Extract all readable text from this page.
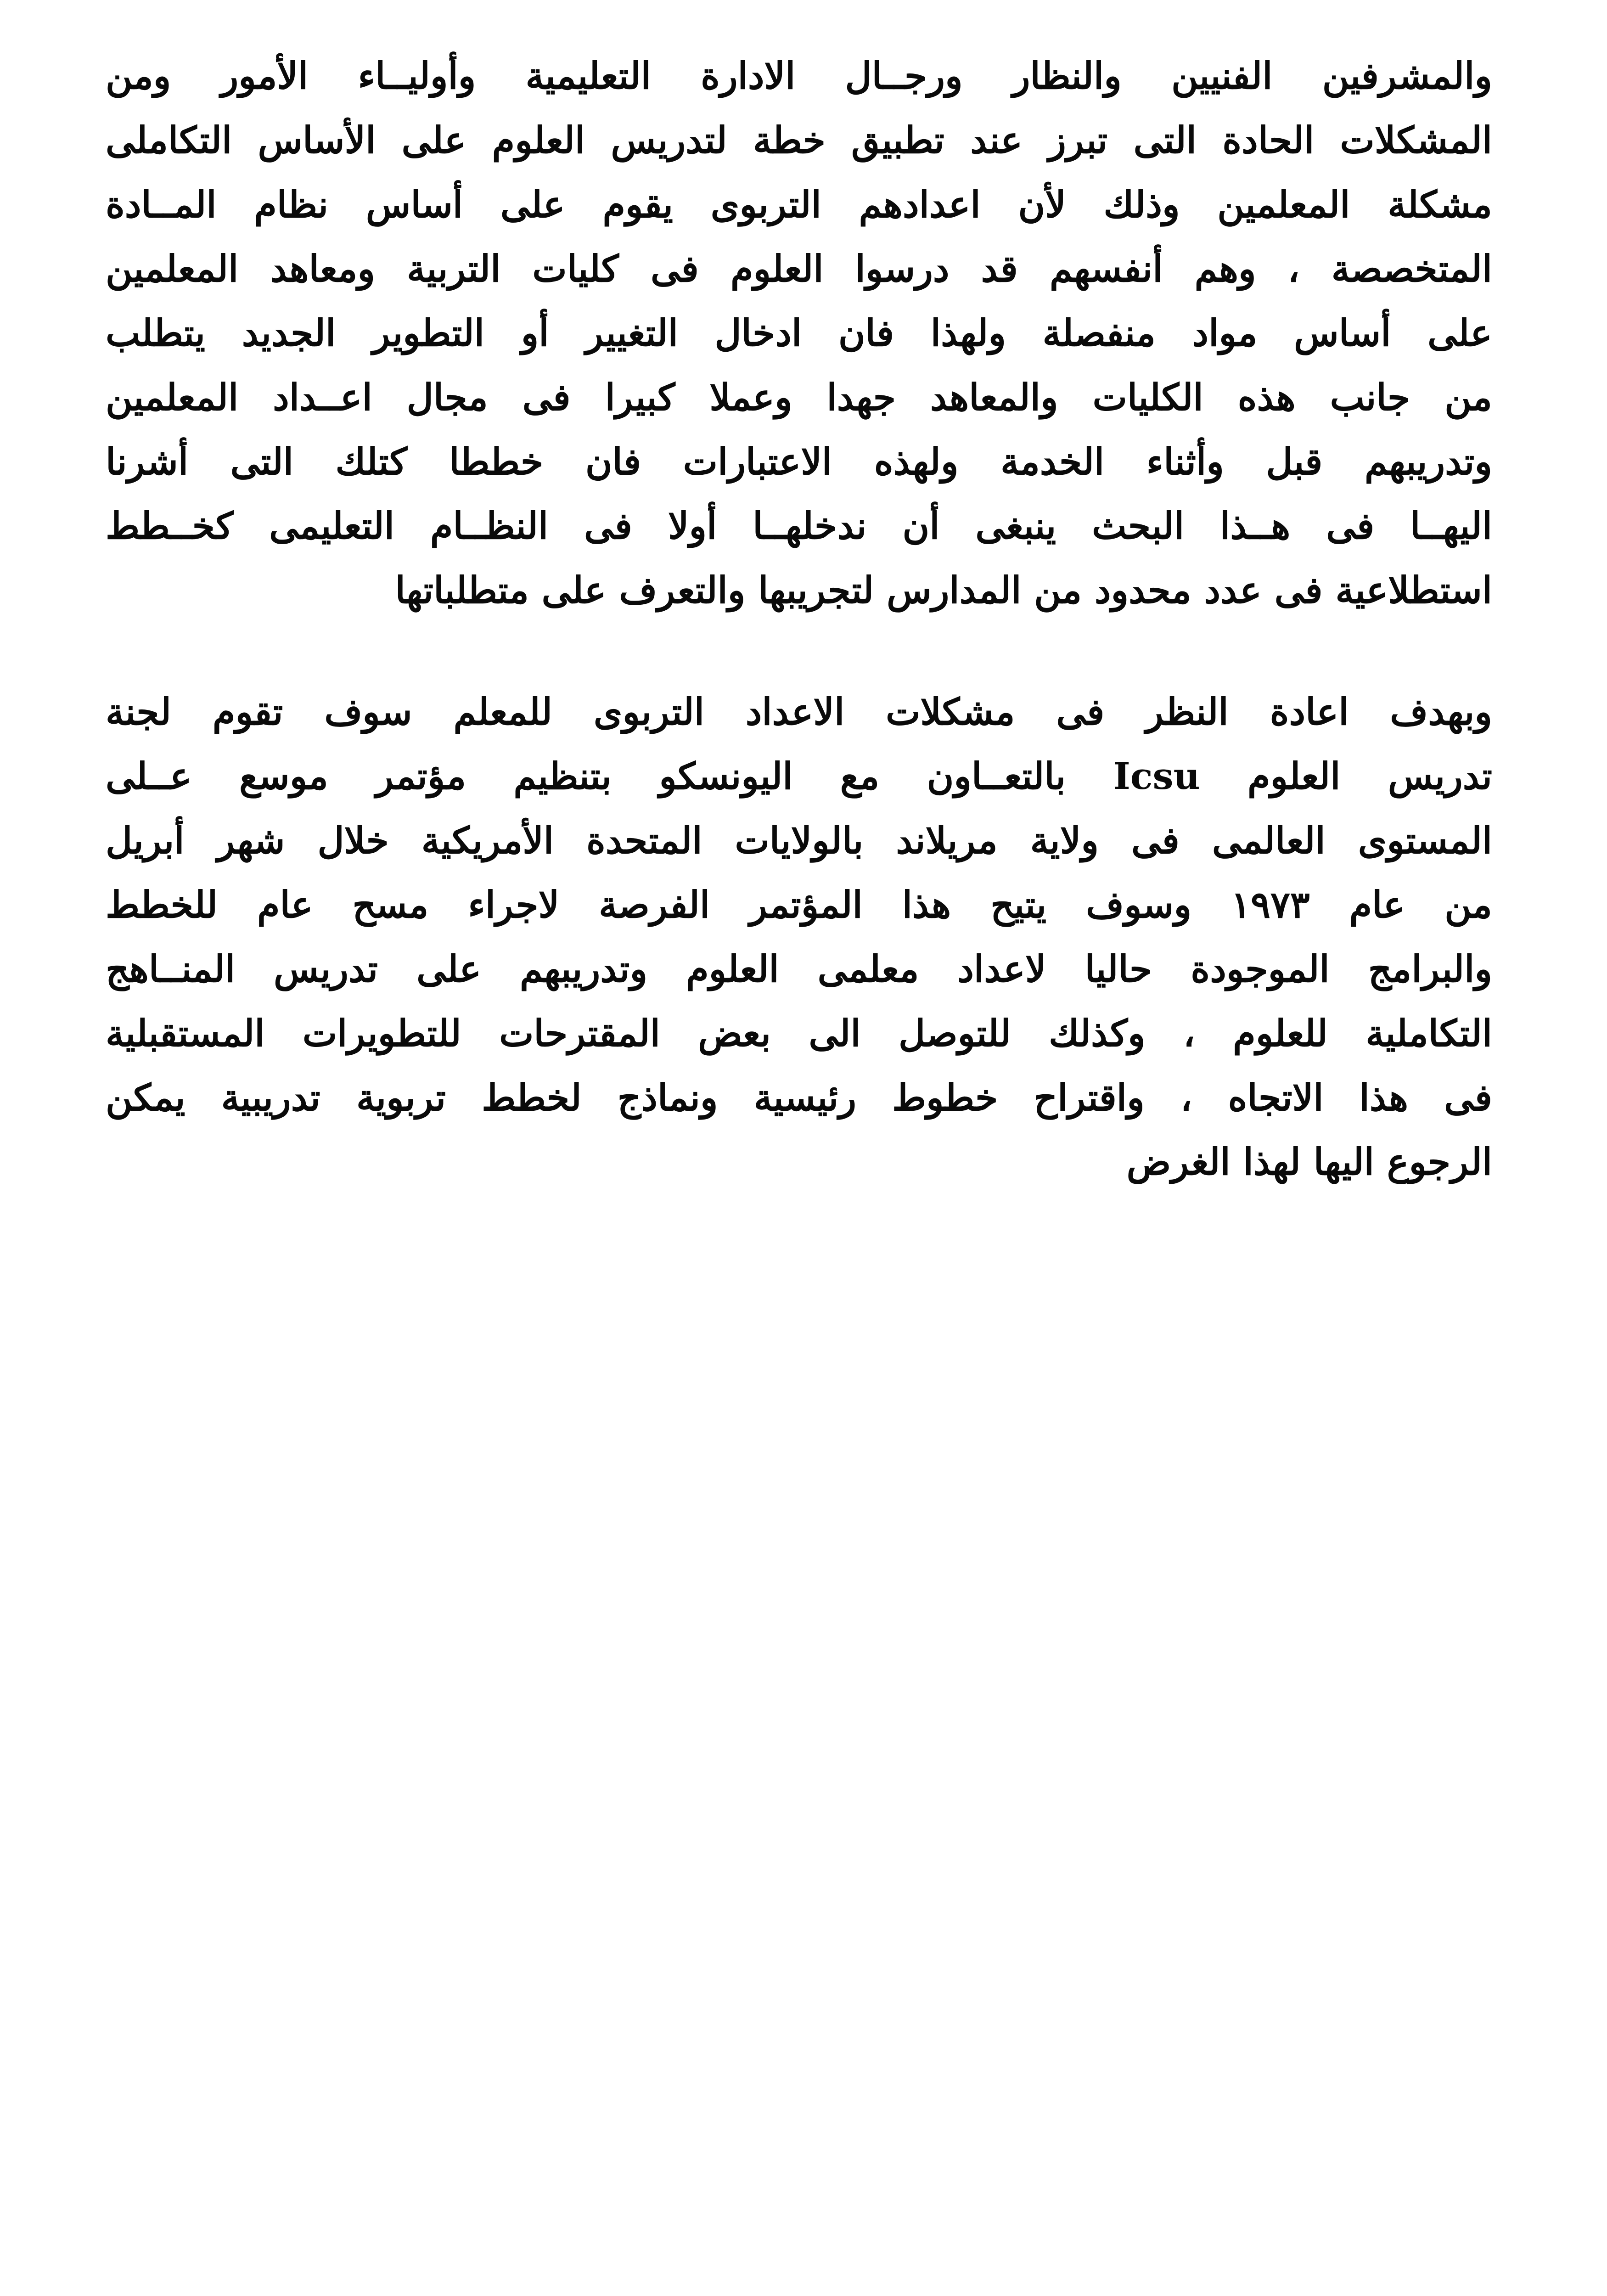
والمشرفين الفنيين والنظار ورجــال الادارة التعليمية وأوليــاء الأمور ومن
المشكلات الحادة التى تبرز عند تطبيق خطة لتدريس العلوم على الأساس التكاملى
مشكلة المعلمين وذلك لأن اعدادهم التربوى يقوم على أساس نظام المــادة
المتخصصة ، وهم أنفسهم قد درسوا العلوم فى كليات التربية ومعاهد المعلمين
على أساس مواد منفصلة ولهذا فان ادخال التغيير أو التطوير الجديد يتطلب
من جانب هذه الكليات والمعاهد جهدا وعملا كبيرا فى مجال اعــداد المعلمين
وتدريبهم قبل وأثناء الخدمة ولهذه الاعتبارات فان خططا كتلك التى أشرنا
اليهــا فى هــذا البحث ينبغى أن ندخلهــا أولا فى النظــام التعليمى كخــطط
استطلاعية فى عدد محدود من المدارس لتجريبها والتعرف على متطلباتها
وبهدف اعادة النظر فى مشكلات الاعداد التربوى للمعلم سوف تقوم لجنة
تدريس العلوم Icsu بالتعــاون مع اليونسكو بتنظيم مؤتمر موسع عــلى
المستوى العالمى فى ولاية مريلاند بالولايات المتحدة الأمريكية خلال شهر أبريل
من عام ١٩٧٣ وسوف يتيح هذا المؤتمر الفرصة لاجراء مسح عام للخطط
والبرامج الموجودة حاليا لاعداد معلمى العلوم وتدريبهم على تدريس المنــاهج
التكاملية للعلوم ، وكذلك للتوصل الى بعض المقترحات للتطويرات المستقبلية
فى هذا الاتجاه ، واقتراح خطوط رئيسية ونماذج لخطط تربوية تدريبية يمكن
الرجوع اليها لهذا الغرض
